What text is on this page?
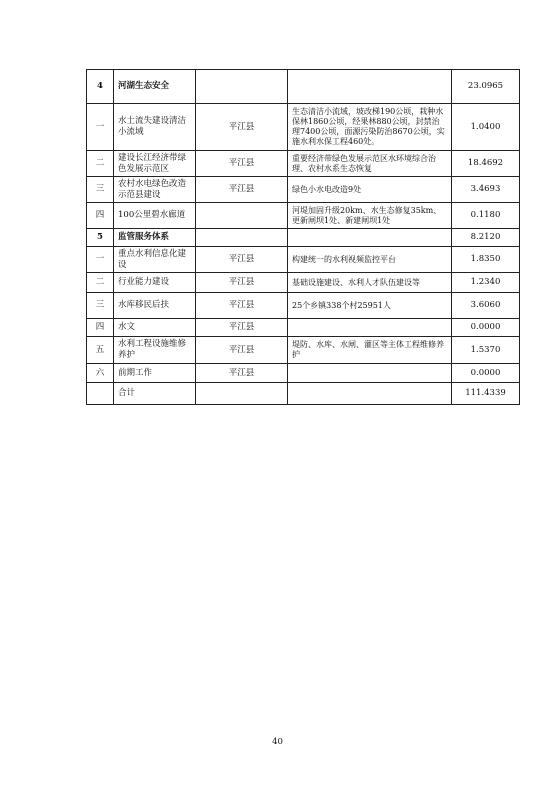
4	河湖生态安全			23.0965
一	水土流失建设清洁小流域	平江县	生态清洁小流域，坡改梯190公顷，栽种水保林1860公顷，经果林880公顷，封禁治理7400公顷，面源污染防治8670公顷，实施水利水保工程460处。	1.0400
二	建设长江经济带绿色发展示范区	平江县	重要经济带绿色发展示范区水环境综合治理、农村水系生态恢复	18.4692
三	农村水电绿色改造示范县建设	平江县	绿色小水电改造9处	3.4693
四	100公里碧水廊道		河堤加固升级20km、水生态修复35km、更新闸坝1处、新建闸坝1处	0.1180
5	监管服务体系			8.2120
一	重点水利信息化建设	平江县	构建统一的水利视频监控平台	1.8350
二	行业能力建设	平江县	基础设施建设、水利人才队伍建设等	1.2340
三	水库移民后扶	平江县	25个乡镇338个村25951人	3.6060
四	水文	平江县		0.0000
五	水利工程设施维修养护	平江县	堤防、水库、水闸、灌区等主体工程维修养护	1.5370
六	前期工作	平江县		0.0000
	合计			111.4339
40
